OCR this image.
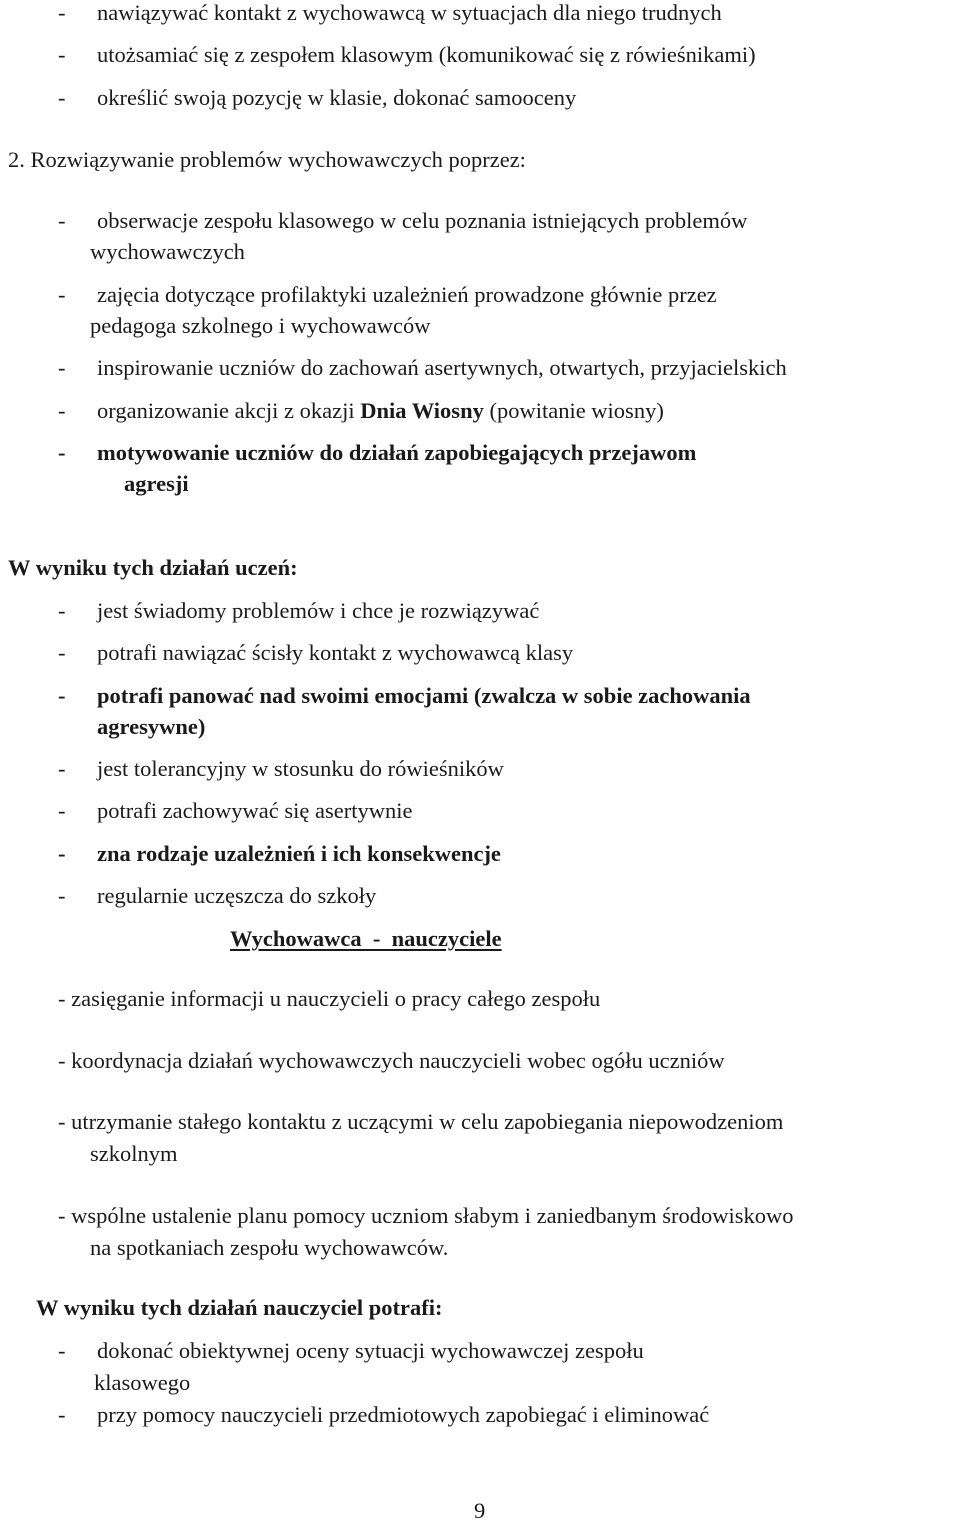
- nawiązywać kontakt z wychowawcą w sytuacjach dla niego trudnych
- utożsamiać się z zespołem klasowym (komunikować się z rówieśnikami)
- określić swoją pozycję w klasie, dokonać samooceny
2. Rozwiązywanie problemów wychowawczych poprzez:
- obserwacje zespołu klasowego w celu poznania istniejących problemów
wychowawczych
- zajęcia dotyczące profilaktyki uzależnień prowadzone głównie przez
pedagoga szkolnego i wychowawców
- inspirowanie uczniów do zachowań asertywnych, otwartych, przyjacielskich
- organizowanie akcji z okazji Dnia Wiosny (powitanie wiosny)
- motywowanie uczniów do działań zapobiegających przejawom
agresji
W wyniku tych działań uczeń:
- jest świadomy problemów i chce je rozwiązywać
- potrafi nawiązać ścisły kontakt z wychowawcą klasy
- potrafi panować nad swoimi emocjami (zwalcza w sobie zachowania
agresywne)
- jest tolerancyjny w stosunku do rówieśników
- potrafi zachowywać się asertywnie
- zna rodzaje uzależnień i ich konsekwencje
- regularnie uczęszcza do szkoły
Wychowawca  -  nauczyciele
- zasięganie informacji u nauczycieli o pracy całego zespołu
- koordynacja działań wychowawczych nauczycieli wobec ogółu uczniów
- utrzymanie stałego kontaktu z uczącymi w celu zapobiegania niepowodzeniom
szkolnym
- wspólne ustalenie planu pomocy uczniom słabym i zaniedbanym środowiskowo
na spotkaniach zespołu wychowawców.
W wyniku tych działań nauczyciel potrafi:
- dokonać obiektywnej oceny sytuacji wychowawczej zespołu
klasowego
- przy pomocy nauczycieli przedmiotowych zapobiegać i eliminować
9
